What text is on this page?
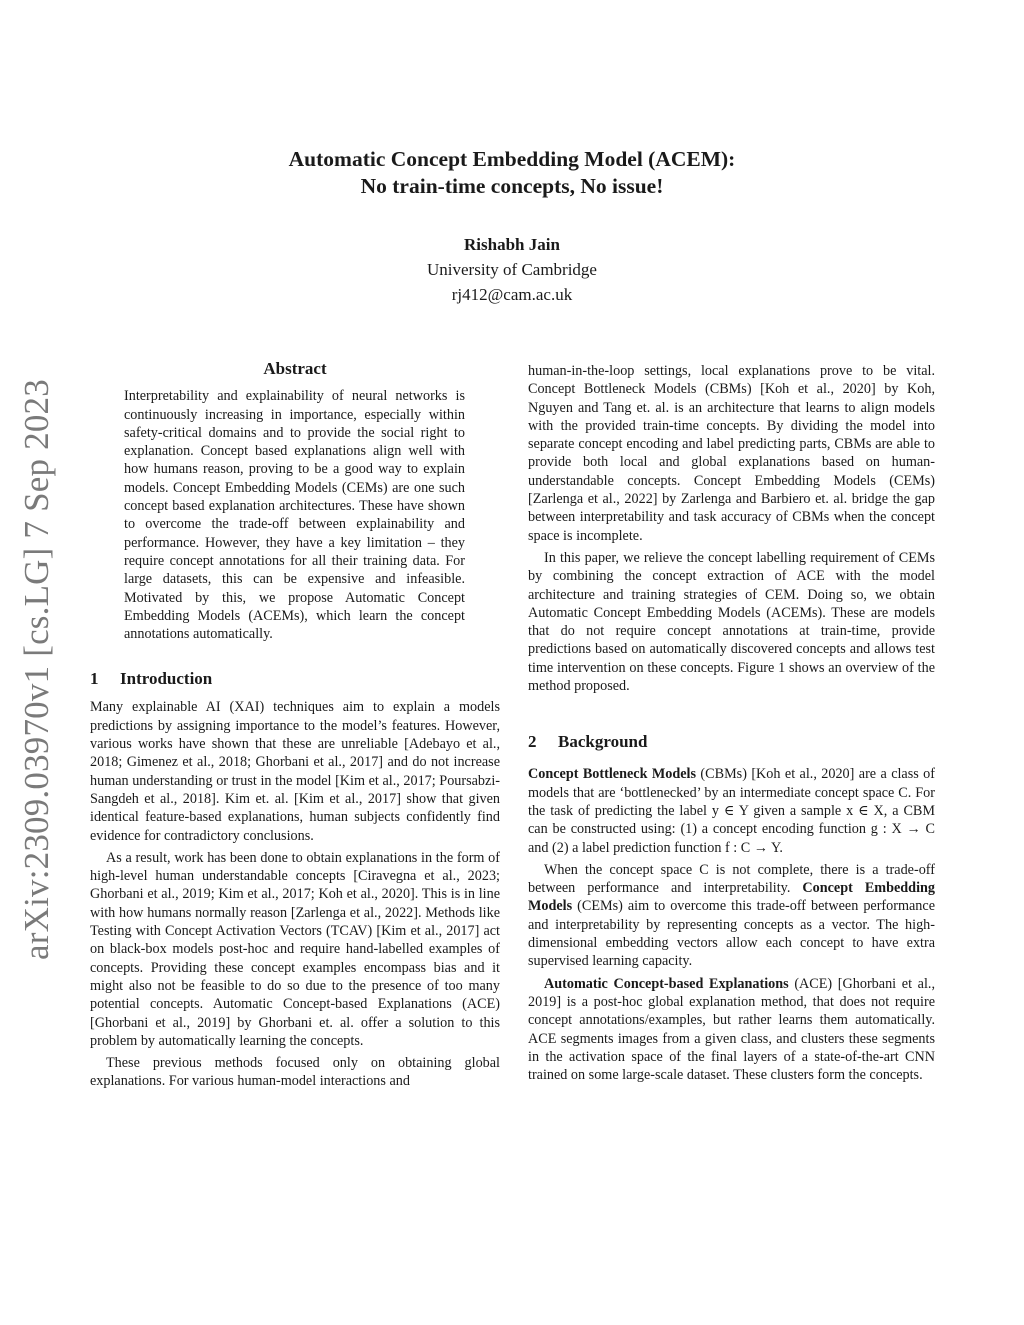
arXiv:2309.03970v1 [cs.LG] 7 Sep 2023
Automatic Concept Embedding Model (ACEM):
No train-time concepts, No issue!
Rishabh Jain
University of Cambridge
rj412@cam.ac.uk
Abstract
Interpretability and explainability of neural networks is continuously increasing in importance, especially within safety-critical domains and to provide the social right to explanation. Concept based explanations align well with how humans reason, proving to be a good way to explain models. Concept Embedding Models (CEMs) are one such concept based explanation architectures. These have shown to overcome the trade-off between explainability and performance. However, they have a key limitation – they require concept annotations for all their training data. For large datasets, this can be expensive and infeasible. Motivated by this, we propose Automatic Concept Embedding Models (ACEMs), which learn the concept annotations automatically.
1 Introduction

Many explainable AI (XAI) techniques aim to explain a models predictions by assigning importance to the model’s features. However, various works have shown that these are unreliable [Adebayo et al., 2018; Gimenez et al., 2018; Ghorbani et al., 2017] and do not increase human understanding or trust in the model [Kim et al., 2017; Poursabzi-Sangdeh et al., 2018]. Kim et. al. [Kim et al., 2017] show that given identical feature-based explanations, human subjects confidently find evidence for contradictory conclusions.

As a result, work has been done to obtain explanations in the form of high-level human understandable concepts [Ciravegna et al., 2023; Ghorbani et al., 2019; Kim et al., 2017; Koh et al., 2020]. This is in line with how humans normally reason [Zarlenga et al., 2022]. Methods like Testing with Concept Activation Vectors (TCAV) [Kim et al., 2017] act on black-box models post-hoc and require hand-labelled examples of concepts. Providing these concept examples encompass bias and it might also not be feasible to do so due to the presence of too many potential concepts. Automatic Concept-based Explanations (ACE) [Ghorbani et al., 2019] by Ghorbani et. al. offer a solution to this problem by automatically learning the concepts.

These previous methods focused only on obtaining global explanations. For various human-model interactions and

human-in-the-loop settings, local explanations prove to be vital. Concept Bottleneck Models (CBMs) [Koh et al., 2020] by Koh, Nguyen and Tang et. al. is an architecture that learns to align models with the provided train-time concepts. By dividing the model into separate concept encoding and label predicting parts, CBMs are able to provide both local and global explanations based on human-understandable concepts. Concept Embedding Models (CEMs) [Zarlenga et al., 2022] by Zarlenga and Barbiero et. al. bridge the gap between interpretability and task accuracy of CBMs when the concept space is incomplete.

In this paper, we relieve the concept labelling requirement of CEMs by combining the concept extraction of ACE with the model architecture and training strategies of CEM. Doing so, we obtain Automatic Concept Embedding Models (ACEMs). These are models that do not require concept annotations at train-time, provide predictions based on automatically discovered concepts and allows test time intervention on these concepts. Figure 1 shows an overview of the method proposed.

2 Background

Concept Bottleneck Models (CBMs) [Koh et al., 2020] are a class of models that are ‘bottlenecked’ by an intermediate concept space C. For the task of predicting the label y ∈ Y given a sample x ∈ X, a CBM can be constructed using: (1) a concept encoding function g : X → C and (2) a label prediction function f : C → Y.

When the concept space C is not complete, there is a trade-off between performance and interpretability. Concept Embedding Models (CEMs) aim to overcome this trade-off between performance and interpretability by representing concepts as a vector. The high-dimensional embedding vectors allow each concept to have extra supervised learning capacity.

Automatic Concept-based Explanations (ACE) [Ghorbani et al., 2019] is a post-hoc global explanation method, that does not require concept annotations/examples, but rather learns them automatically. ACE segments images from a given class, and clusters these segments in the activation space of the final layers of a state-of-the-art CNN trained on some large-scale dataset. These clusters form the concepts.
